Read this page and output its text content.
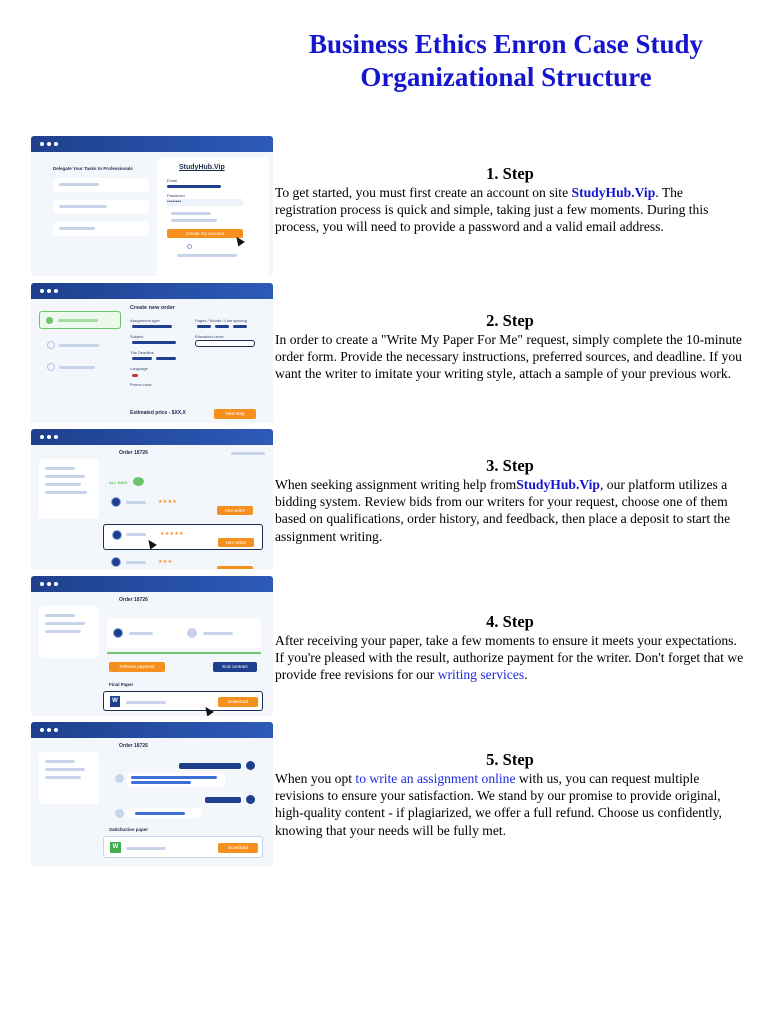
Business Ethics Enron Case Study
Organizational Structure
Delegate Your Tasks to Professionals	StudyHub.Vip
Email
Password
••••••••
Create my account
Create new order
Assignment type	Pages / Words / Line spacing
Subject	Education Level
The Deadline
Language
Promo code
Estimated price - $XX.X	Next step
Order 18726
ALL BIDS
★★★★
Hire writer
★★★★★
Hire writer
★★★
Order 18726
Release payment	End contract
Final Paper
W	Download
Order 18726
Satisfaction paper
W	Download
1. Step
To get started, you must first create an account on site StudyHub.Vip. The registration process is quick and simple, taking just a few moments. During this process, you will need to provide a password and a valid email address.
2. Step
In order to create a "Write My Paper For Me" request, simply complete the 10-minute order form. Provide the necessary instructions, preferred sources, and deadline. If you want the writer to imitate your writing style, attach a sample of your previous work.
3. Step
When seeking assignment writing help fromStudyHub.Vip, our platform utilizes a bidding system. Review bids from our writers for your request, choose one of them based on qualifications, order history, and feedback, then place a deposit to start the assignment writing.
4. Step
After receiving your paper, take a few moments to ensure it meets your expectations. If you're pleased with the result, authorize payment for the writer. Don't forget that we provide free revisions for our writing services.
5. Step
When you opt to write an assignment online with us, you can request multiple revisions to ensure your satisfaction. We stand by our promise to provide original, high-quality content - if plagiarized, we offer a full refund. Choose us confidently, knowing that your needs will be fully met.
